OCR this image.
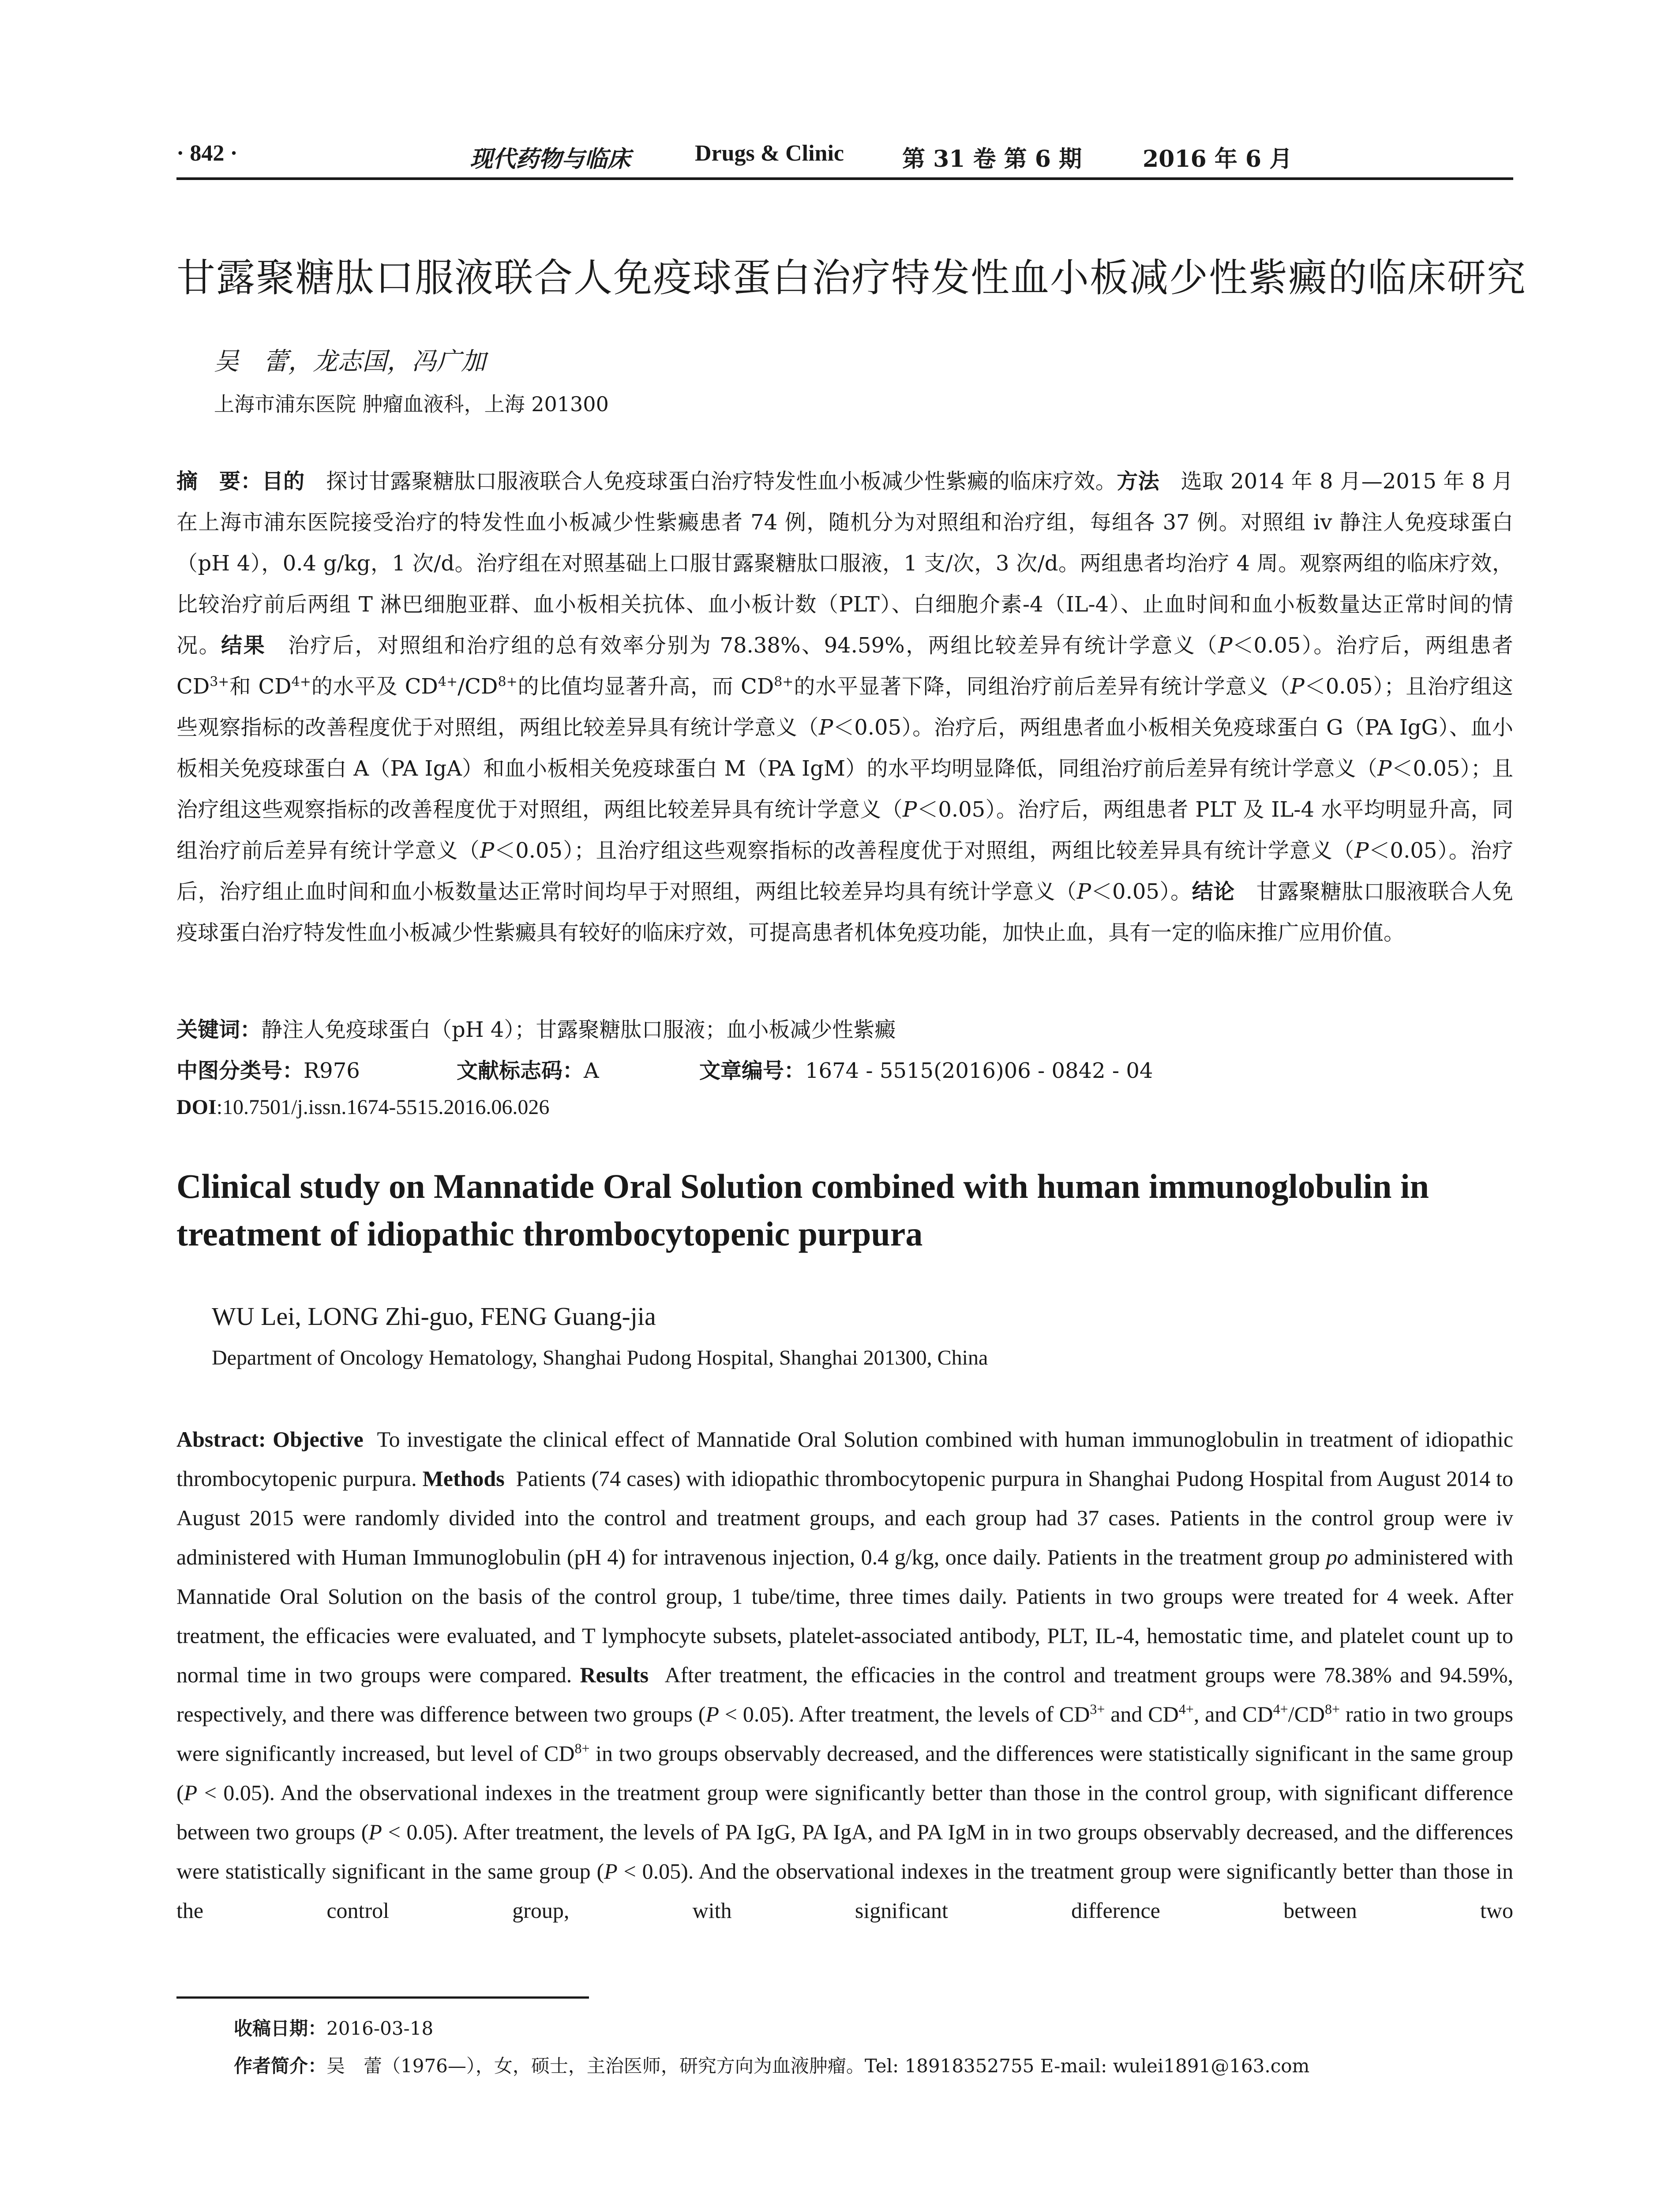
· 842 ·	现代药物与临床	Drugs & Clinic	第 31 卷 第 6 期	2016 年 6 月
甘露聚糖肽口服液联合人免疫球蛋白治疗特发性血小板减少性紫癜的临床研究
吴　蕾，龙志国，冯广加
上海市浦东医院 肿瘤血液科，上海 201300
摘　要：目的　 探讨甘露聚糖肽口服液联合人免疫球蛋白治疗特发性血小板减少性紫癜的临床疗效。方法　 选取 2014 年 8 月—2015 年 8 月在上海市浦东医院接受治疗的特发性血小板减少性紫癜患者 74 例，随机分为对照组和治疗组，每组各 37 例。对照组 iv 静注人免疫球蛋白（pH 4），0.4 g/kg，1 次/d。治疗组在对照基础上口服甘露聚糖肽口服液，1 支/次，3 次/d。两组患者均治疗 4 周。观察两组的临床疗效，比较治疗前后两组 T 淋巴细胞亚群、血小板相关抗体、血小板计数（PLT）、白细胞介素-4（IL-4）、止血时间和血小板数量达正常时间的情况。结果　 治疗后，对照组和治疗组的总有效率分别为 78.38%、94.59%，两组比较差异有统计学意义（P＜0.05）。治疗后，两组患者 $CD^{3+}$和 $CD^{4+}$的水平及 $CD^{4+}/CD^{8+}$的比值均显著升高，而 $CD^{8+}$的水平显著下降，同组治疗前后差异有统计学意义（P＜0.05）；且治疗组这些观察指标的改善程度优于对照组，两组比较差异具有统计学意义（P＜0.05）。治疗后，两组患者血小板相关免疫球蛋白 G（PA IgG）、血小板相关免疫球蛋白 A（PA IgA）和血小板相关免疫球蛋白 M（PA IgM）的水平均明显降低，同组治疗前后差异有统计学意义（P＜0.05）；且治疗组这些观察指标的改善程度优于对照组，两组比较差异具有统计学意义（P＜0.05）。治疗后，两组患者 PLT 及 IL-4 水平均明显升高，同组治疗前后差异有统计学意义（P＜0.05）；且治疗组这些观察指标的改善程度优于对照组，两组比较差异具有统计学意义（P＜0.05）。治疗后，治疗组止血时间和血小板数量达正常时间均早于对照组，两组比较差异均具有统计学意义（P＜0.05）。结论　 甘露聚糖肽口服液联合人免疫球蛋白治疗特发性血小板减少性紫癜具有较好的临床疗效，可提高患者机体免疫功能，加快止血，具有一定的临床推广应用价值。
关键词：静注人免疫球蛋白（pH 4）；甘露聚糖肽口服液；血小板减少性紫癜
中图分类号：R976	文献标志码：A	文章编号：1674 - 5515(2016)06 - 0842 - 04
DOI:10.7501/j.issn.1674-5515.2016.06.026
Clinical study on Mannatide Oral Solution combined with human immunoglobulin in treatment of idiopathic thrombocytopenic purpura
WU Lei, LONG Zhi-guo, FENG Guang-jia
Department of Oncology Hematology, Shanghai Pudong Hospital, Shanghai 201300, China
Abstract: Objective To investigate the clinical effect of Mannatide Oral Solution combined with human immunoglobulin in treatment of idiopathic thrombocytopenic purpura. Methods Patients (74 cases) with idiopathic thrombocytopenic purpura in Shanghai Pudong Hospital from August 2014 to August 2015 were randomly divided into the control and treatment groups, and each group had 37 cases. Patients in the control group were iv administered with Human Immunoglobulin (pH 4) for intravenous injection, 0.4 g/kg, once daily. Patients in the treatment group po administered with Mannatide Oral Solution on the basis of the control group, 1 tube/time, three times daily. Patients in two groups were treated for 4 week. After treatment, the efficacies were evaluated, and T lymphocyte subsets, platelet-associated antibody, PLT, IL-4, hemostatic time, and platelet count up to normal time in two groups were compared. Results After treatment, the efficacies in the control and treatment groups were 78.38% and 94.59%, respectively, and there was difference between two groups (P < 0.05). After treatment, the levels of $CD^{3+}$ and $CD^{4+}$, and $CD^{4+}/CD^{8+}$ ratio in two groups were significantly increased, but level of $CD^{8+}$ in two groups observably decreased, and the differences were statistically significant in the same group (P < 0.05). And the observational indexes in the treatment group were significantly better than those in the control group, with significant difference between two groups (P < 0.05). After treatment, the levels of PA IgG, PA IgA, and PA IgM in in two groups observably decreased, and the differences were statistically significant in the same group (P < 0.05). And the observational indexes in the treatment group were significantly better than those in the control group, with significant difference between two
收稿日期：2016-03-18
作者简介：吴　蕾（1976—），女，硕士，主治医师，研究方向为血液肿瘤。Tel: 18918352755 E-mail: wulei1891@163.com
